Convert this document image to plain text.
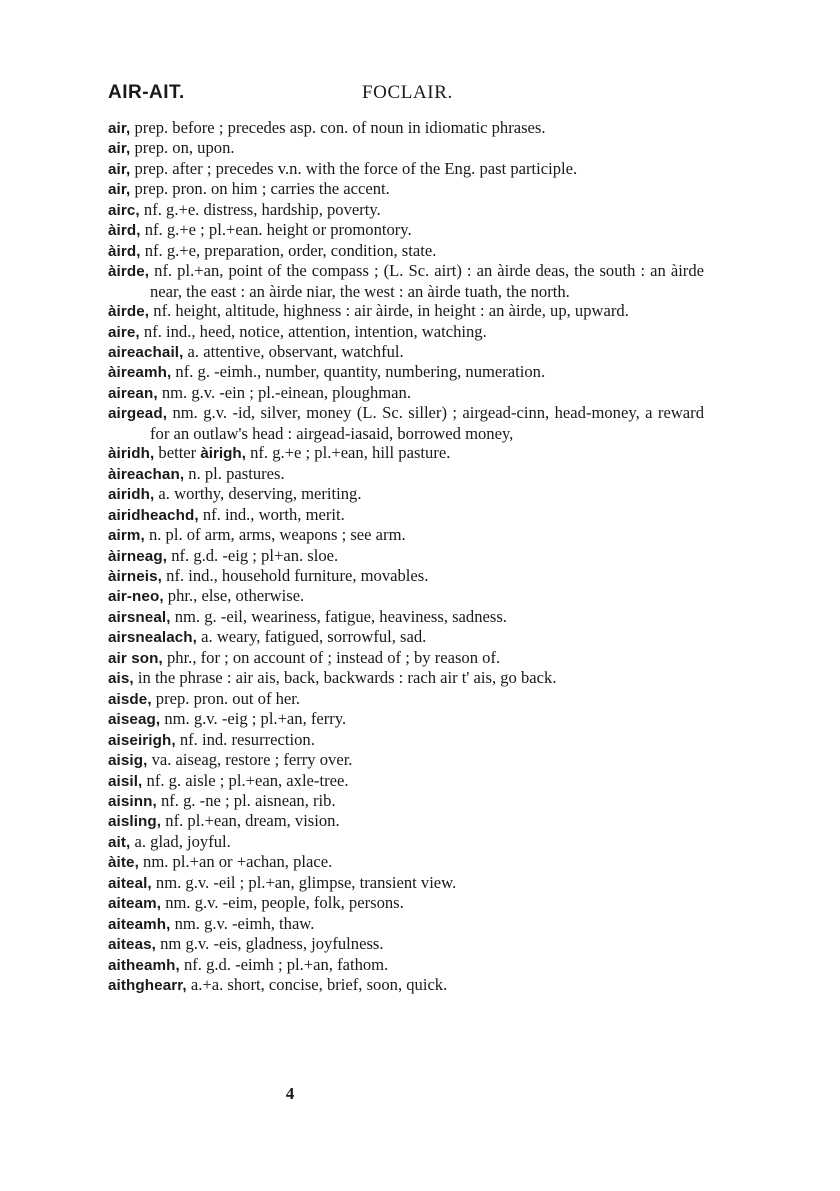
AIR-AIT.	FOCLAIR.
air, prep. before ; precedes asp. con. of noun in idiomatic phrases.
air, prep. on, upon.
air, prep. after ; precedes v.n. with the force of the Eng. past participle.
air, prep. pron. on him ; carries the accent.
airc, nf. g.+e. distress, hardship, poverty.
àird, nf. g.+e ; pl.+ean. height or promontory.
àird, nf. g.+e, preparation, order, condition, state.
àirde, nf. pl.+an, point of the compass ; (L. Sc. airt) : an àirde deas, the south : an àirde near, the east : an àirde niar, the west : an àirde tuath, the north.
àirde, nf. height, altitude, highness : air àirde, in height : an àirde, up, upward.
aire, nf. ind., heed, notice, attention, intention, watching.
aireachail, a. attentive, observant, watchful.
àireamh, nf. g. -eimh., number, quantity, numbering, numeration.
airean, nm. g.v. -ein ; pl.-einean, ploughman.
airgead, nm. g.v. -id, silver, money (L. Sc. siller) ; airgead-cinn, head-money, a reward for an outlaw's head : airgead-iasaid, borrowed money,
àiridh, better àirigh, nf. g.+e ; pl.+ean, hill pasture.
àireachan, n. pl. pastures.
airidh, a. worthy, deserving, meriting.
airidheachd, nf. ind., worth, merit.
airm, n. pl. of arm, arms, weapons ; see arm.
àirneag, nf. g.d. -eig ; pl+an. sloe.
àirneis, nf. ind., household furniture, movables.
air-neo, phr., else, otherwise.
airsneal, nm. g. -eil, weariness, fatigue, heaviness, sadness.
airsnealach, a. weary, fatigued, sorrowful, sad.
air son, phr., for ; on account of ; instead of ; by reason of.
ais, in the phrase : air ais, back, backwards : rach air t' ais, go back.
aisde, prep. pron. out of her.
aiseag, nm. g.v. -eig ; pl.+an, ferry.
aiseirigh, nf. ind. resurrection.
aisig, va. aiseag, restore ; ferry over.
aisil, nf. g. aisle ; pl.+ean, axle-tree.
aisinn, nf. g. -ne ; pl. aisnean, rib.
aisling, nf. pl.+ean, dream, vision.
ait, a. glad, joyful.
àite, nm. pl.+an or +achan, place.
aiteal, nm. g.v. -eil ; pl.+an, glimpse, transient view.
aiteam, nm. g.v. -eim, people, folk, persons.
aiteamh, nm. g.v. -eimh, thaw.
aiteas, nm g.v. -eis, gladness, joyfulness.
aitheamh, nf. g.d. -eimh ; pl.+an, fathom.
aithghearr, a.+a. short, concise, brief, soon, quick.
4
